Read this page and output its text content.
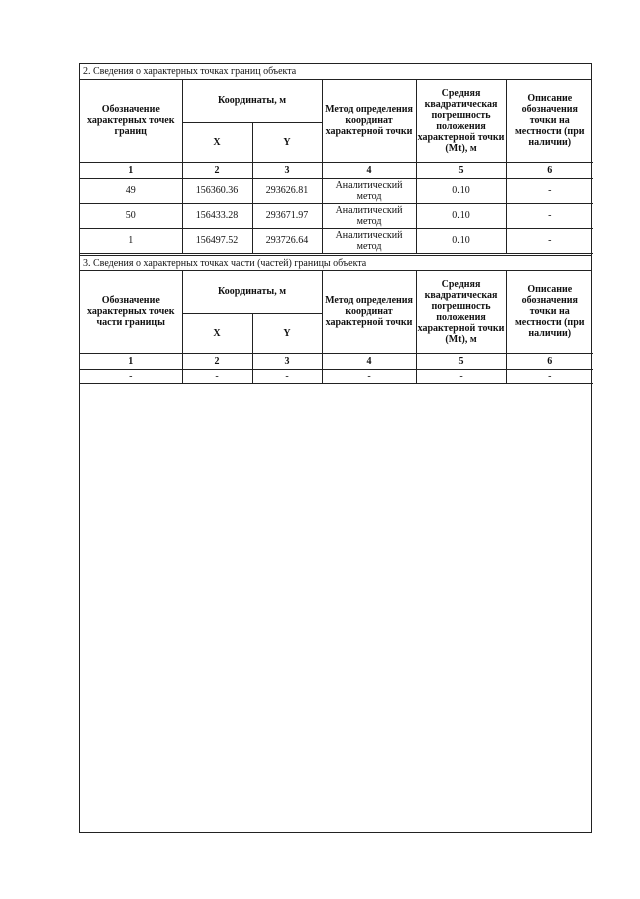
2. Сведения о характерных точках границ объекта
Обозначение характерных точек границ	Координаты, м		Метод определения координат характерной точки	Средняя квадратическая погрешность положения характерной точки (Mt), м	Описание обозначения точки на местности (при наличии)
	X	Y			
1	2	3	4	5	6
49	156360.36	293626.81	Аналитический метод	0.10	-
50	156433.28	293671.97	Аналитический метод	0.10	-
1	156497.52	293726.64	Аналитический метод	0.10	-
3. Сведения о характерных точках части (частей) границы объекта
Обозначение характерных точек части границы	Координаты, м		Метод определения координат характерной точки	Средняя квадратическая погрешность положения характерной точки (Mt), м	Описание обозначения точки на местности (при наличии)
	X	Y			
1	2	3	4	5	6
-	-	-	-	-	-
